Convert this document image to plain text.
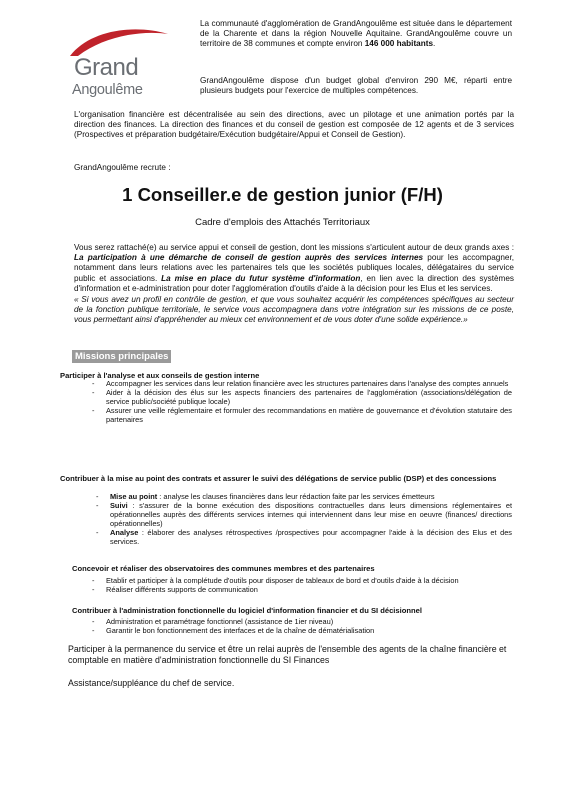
Grand
Angoulême

La communauté d'agglomération de GrandAngoulême est située dans le département de la Charente et dans la région Nouvelle Aquitaine. GrandAngoulême couvre un territoire de 38 communes et compte environ 146 000 habitants.

GrandAngoulême dispose d'un budget global d'environ 290 M€, réparti entre plusieurs budgets pour l'exercice de multiples compétences.

L'organisation financière est décentralisée au sein des directions, avec un pilotage et une animation portés par la direction des finances. La direction des finances et du conseil de gestion est composée de 12 agents et de 3 services (Prospectives et préparation budgétaire/Exécution budgétaire/Appui et Conseil de Gestion).

GrandAngoulême recrute :

1 Conseiller.e de gestion junior (F/H)

Cadre d'emplois des Attachés Territoriaux

Vous serez rattaché(e) au service appui et conseil de gestion, dont les missions s'articulent autour de deux grands axes : La participation à une démarche de conseil de gestion auprès des services internes pour les accompagner, notamment dans leurs relations avec les partenaires tels que les sociétés publiques locales, délégataires du service public et associations. La mise en place du futur système d'information, en lien avec la direction des systèmes d'information et e-administration pour doter l'agglomération d'outils d'aide à la décision pour les Elus et les services.

« Si vous avez un profil en contrôle de gestion, et que vous souhaitez acquérir les compétences spécifiques au secteur de la fonction publique territoriale, le service vous accompagnera dans votre intégration sur les missions de ce poste, vous permettant ainsi d'appréhender au mieux cet environnement et de vous doter d'une solide expérience.»

Missions principales

Participer à l'analyse et aux conseils de gestion interne

- Accompagner les services dans leur relation financière avec les structures partenaires dans l'analyse des comptes annuels
- Aider à la décision des élus sur les aspects financiers des partenaires de l'agglomération (associations/délégation de service public/société publique locale)
- Assurer une veille réglementaire et formuler des recommandations en matière de gouvernance et d'évolution statutaire des partenaires

Contribuer à la mise au point des contrats et assurer le suivi des délégations de service public (DSP) et des concessions

- Mise au point : analyse les clauses financières dans leur rédaction faite par les services émetteurs
- Suivi : s'assurer de la bonne exécution des dispositions contractuelles dans leurs dimensions réglementaires et opérationnelles auprès des différents services internes qui interviennent dans leur mise en oeuvre (finances/ directions opérationnelles)
- Analyse : élaborer des analyses rétrospectives /prospectives pour accompagner l'aide à la décision des Elus et des services.

Concevoir et réaliser des observatoires des communes membres et des partenaires

- Etablir et participer à la complétude d'outils pour disposer de tableaux de bord et d'outils d'aide à la décision
- Réaliser différents supports de communication

Contribuer à l'administration fonctionnelle du logiciel d'information financier et du SI décisionnel

- Administration et paramétrage fonctionnel (assistance de 1ier niveau)
- Garantir le bon fonctionnement des interfaces et de la chaîne de dématérialisation

Participer à la permanence du service et être un relai auprès de l'ensemble des agents de la chaîne financière et comptable en matière d'administration fonctionnelle du SI Finances

Assistance/suppléance du chef de service.
